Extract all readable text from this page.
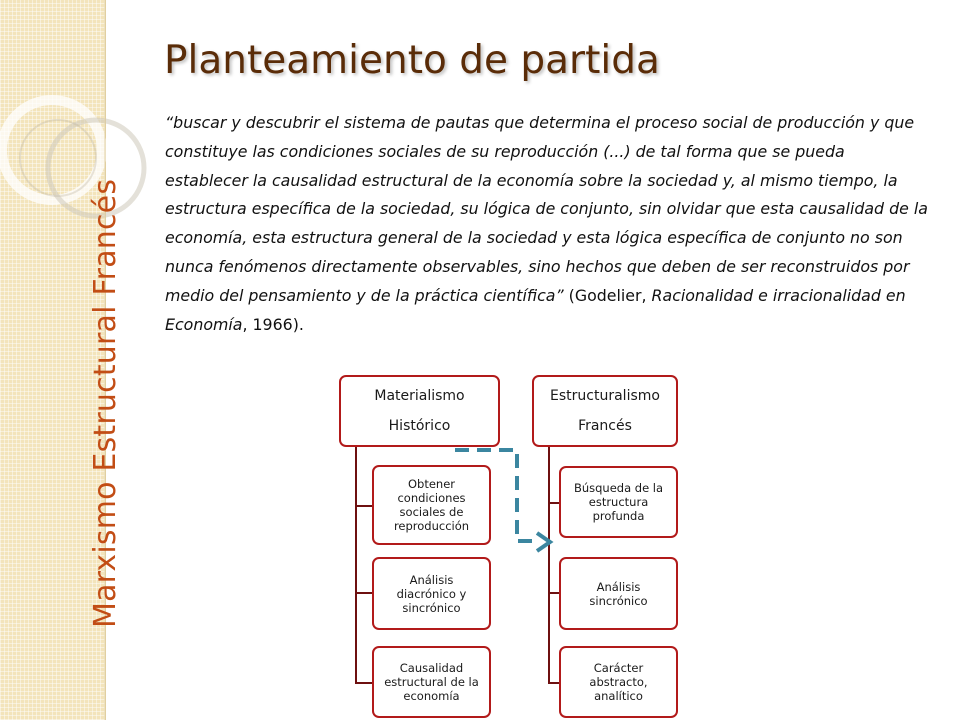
Marxismo Estructural Francés
Planteamiento de partida

“buscar y descubrir el sistema de pautas que determina el proceso social de producción y que constituye las condiciones sociales de su reproducción (...) de tal forma que se pueda establecer la causalidad estructural de la economía sobre la sociedad y, al mismo tiempo, la estructura específica de la sociedad, su lógica de conjunto, sin olvidar que esta causalidad de la economía, esta estructura general de la sociedad y esta lógica específica de conjunto no son nunca fenómenos directamente observables, sino hechos que deben de ser reconstruidos por medio del pensamiento y de la práctica científica” (Godelier, Racionalidad e irracionalidad en Economía, 1966).

Materialismo
Histórico
Obtener condiciones sociales de reproducción
Análisis diacrónico y sincrónico
Causalidad estructural de la economía
Estructuralismo
Francés
Búsqueda de la estructura profunda
Análisis sincrónico
Carácter abstracto, analítico
